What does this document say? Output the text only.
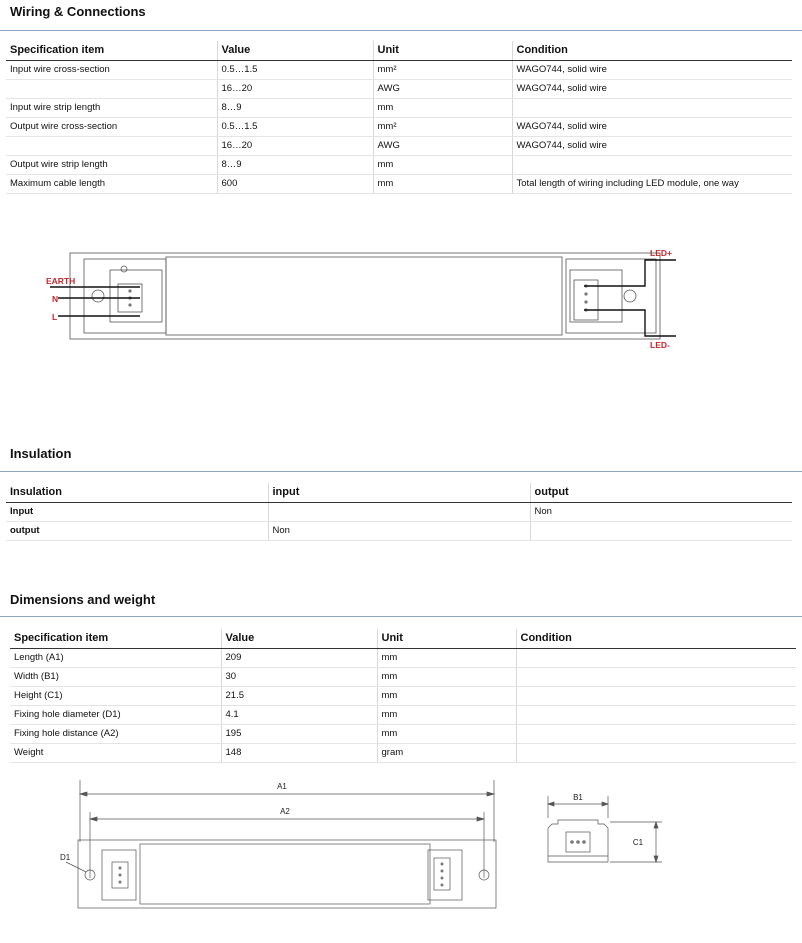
Wiring & Connections
Specification item	Value	Unit	Condition
Input wire cross-section	0.5…1.5	mm²	WAGO744, solid wire
	16…20	AWG	WAGO744, solid wire
Input wire strip length	8…9	mm	
Output wire cross-section	0.5…1.5	mm²	WAGO744, solid wire
	16…20	AWG	WAGO744, solid wire
Output wire strip length	8…9	mm	
Maximum cable length	600	mm	Total length of wiring including LED module, one way
EARTH
N
L
LED+
LED-
Insulation
Insulation	input	output
Input		Non
output	Non	
Dimensions and weight
Specification item	Value	Unit	Condition
Length (A1)	209	mm	
Width (B1)	30	mm	
Height (C1)	21.5	mm	
Fixing hole diameter (D1)	4.1	mm	
Fixing hole distance (A2)	195	mm	
Weight	148	gram	
A1
A2
D1
B1
C1
